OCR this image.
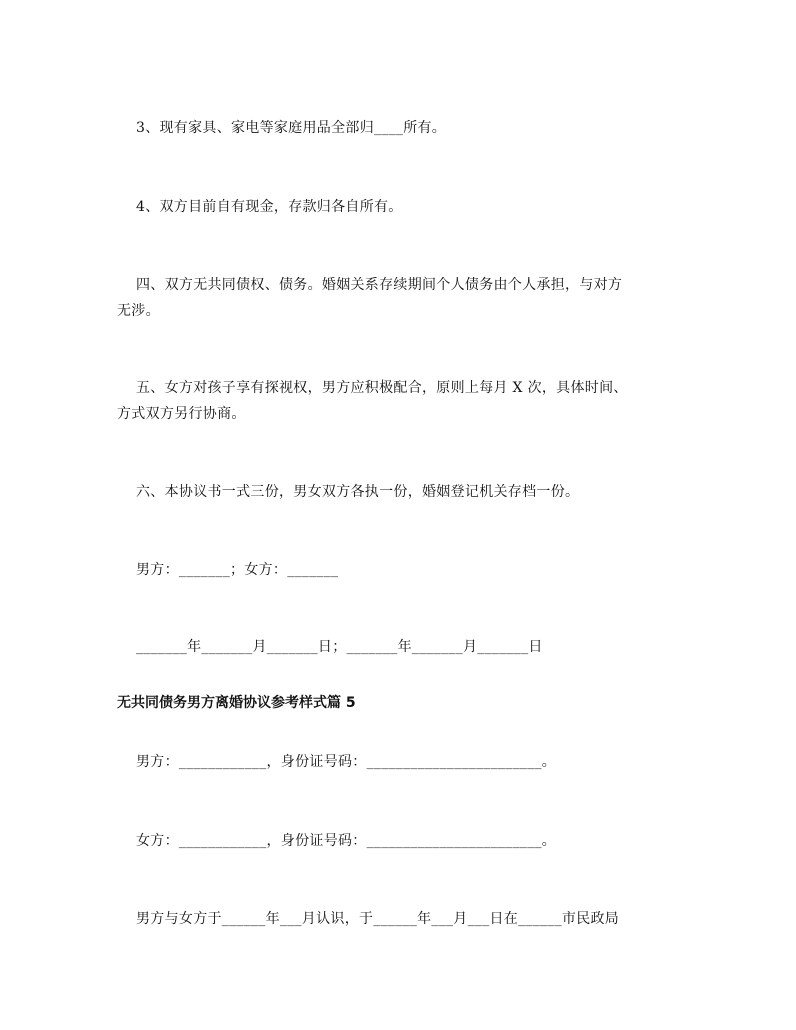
3、现有家具、家电等家庭用品全部归____所有。
4、双方目前自有现金，存款归各自所有。
四、双方无共同债权、债务。婚姻关系存续期间个人债务由个人承担，与对方
无涉。
五、女方对孩子享有探视权，男方应积极配合，原则上每月 X 次，具体时间、
方式双方另行协商。
六、本协议书一式三份，男女双方各执一份，婚姻登记机关存档一份。
男方：_______；女方：_______
_______年_______月_______日；_______年_______月_______日
无共同债务男方离婚协议参考样式篇 5
男方：____________，身份证号码：________________________。
女方：____________，身份证号码：________________________。
男方与女方于______年___月认识，于______年___月___日在______市民政局
